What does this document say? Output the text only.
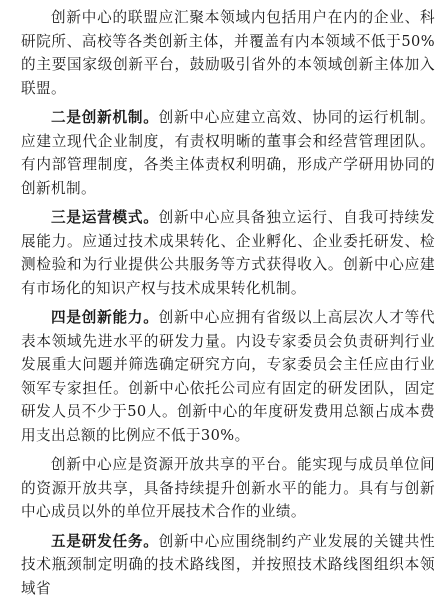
创新中心的联盟应汇聚本领域内包括用户在内的企业、科研院所、高校等各类创新主体，并覆盖有内本领域不低于50%的主要国家级创新平台，鼓励吸引省外的本领域创新主体加入联盟。

二是创新机制。创新中心应建立高效、协同的运行机制。应建立现代企业制度，有责权明晰的董事会和经营管理团队。有内部管理制度，各类主体责权利明确，形成产学研用协同的创新机制。

三是运营模式。创新中心应具备独立运行、自我可持续发展能力。应通过技术成果转化、企业孵化、企业委托研发、检测检验和为行业提供公共服务等方式获得收入。创新中心应建有市场化的知识产权与技术成果转化机制。

四是创新能力。创新中心应拥有省级以上高层次人才等代表本领域先进水平的研发力量。内设专家委员会负责研判行业发展重大问题并筛选确定研究方向，专家委员会主任应由行业领军专家担任。创新中心依托公司应有固定的研发团队，固定研发人员不少于50人。创新中心的年度研发费用总额占成本费用支出总额的比例应不低于30%。

创新中心应是资源开放共享的平台。能实现与成员单位间的资源开放共享，具备持续提升创新水平的能力。具有与创新中心成员以外的单位开展技术合作的业绩。

五是研发任务。创新中心应围绕制约产业发展的关键共性技术瓶颈制定明确的技术路线图，并按照技术路线图组织本领域省
